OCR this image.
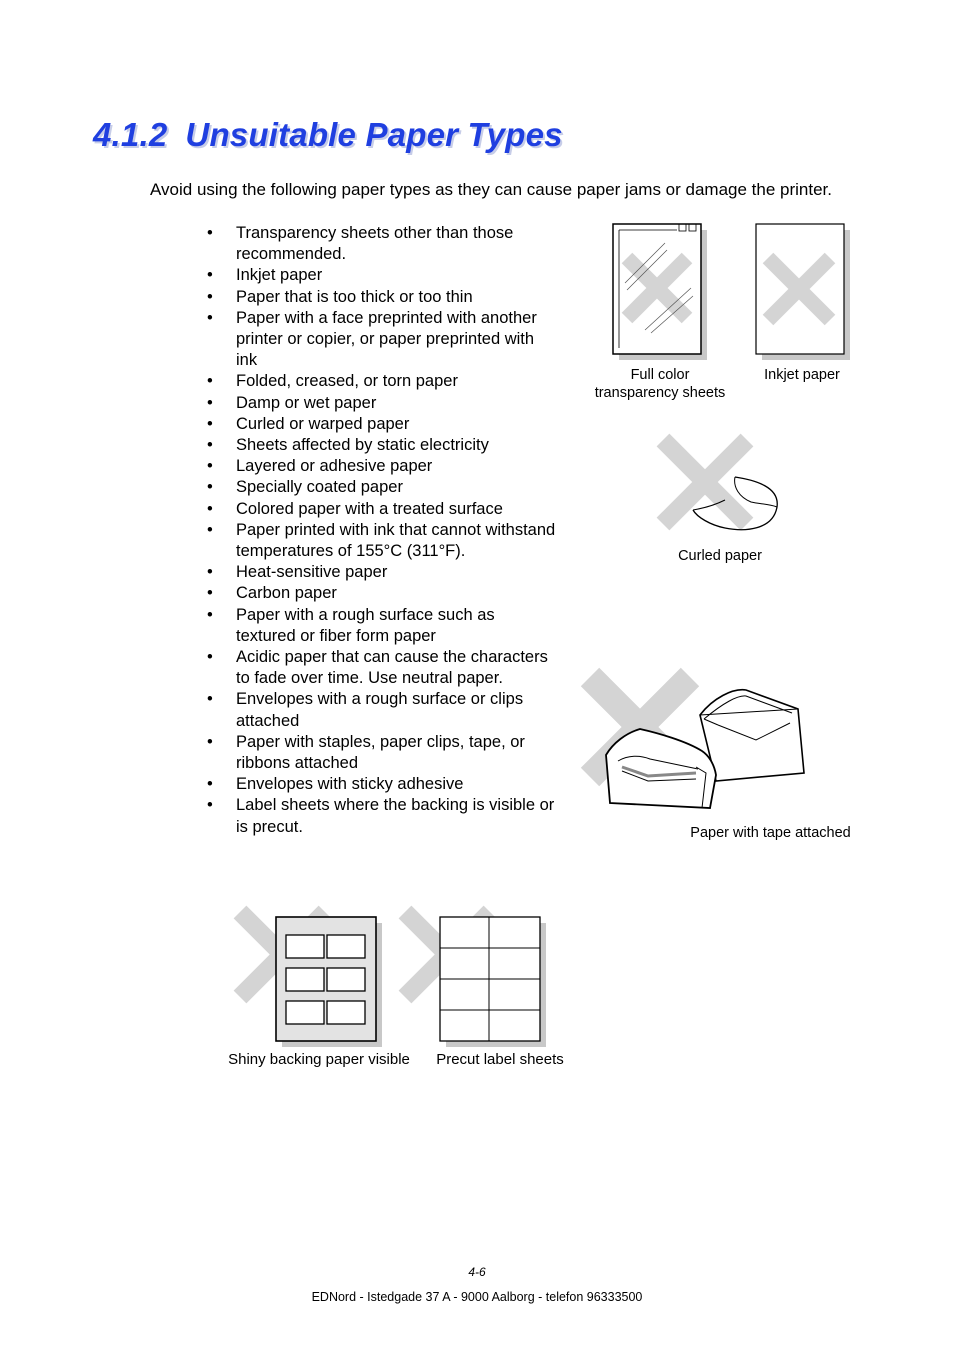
4.1.2 Unsuitable Paper Types
Avoid using the following paper types as they can cause paper jams or damage the printer.
• Transparency sheets other than those recommended.
• Inkjet paper
• Paper that is too thick or too thin
• Paper with a face preprinted with another printer or copier, or paper preprinted with ink
• Folded, creased, or torn paper
• Damp or wet paper
• Curled or warped paper
• Sheets affected by static electricity
• Layered or adhesive paper
• Specially coated paper
• Colored paper with a treated surface
• Paper printed with ink that cannot withstand temperatures of 155°C (311°F).
• Heat-sensitive paper
• Carbon paper
• Paper with a rough surface such as textured or fiber form paper
• Acidic paper that can cause the characters to fade over time. Use neutral paper.
• Envelopes with a rough surface or clips attached
• Paper with staples, paper clips, tape, or ribbons attached
• Envelopes with sticky adhesive
• Label sheets where the backing is visible or is precut.
Full color
transparency sheets
Inkjet paper
Curled paper
Paper with tape attached
Shiny backing paper visible	Precut label sheets
4-6
EDNord - Istedgade 37 A - 9000 Aalborg - telefon 96333500
